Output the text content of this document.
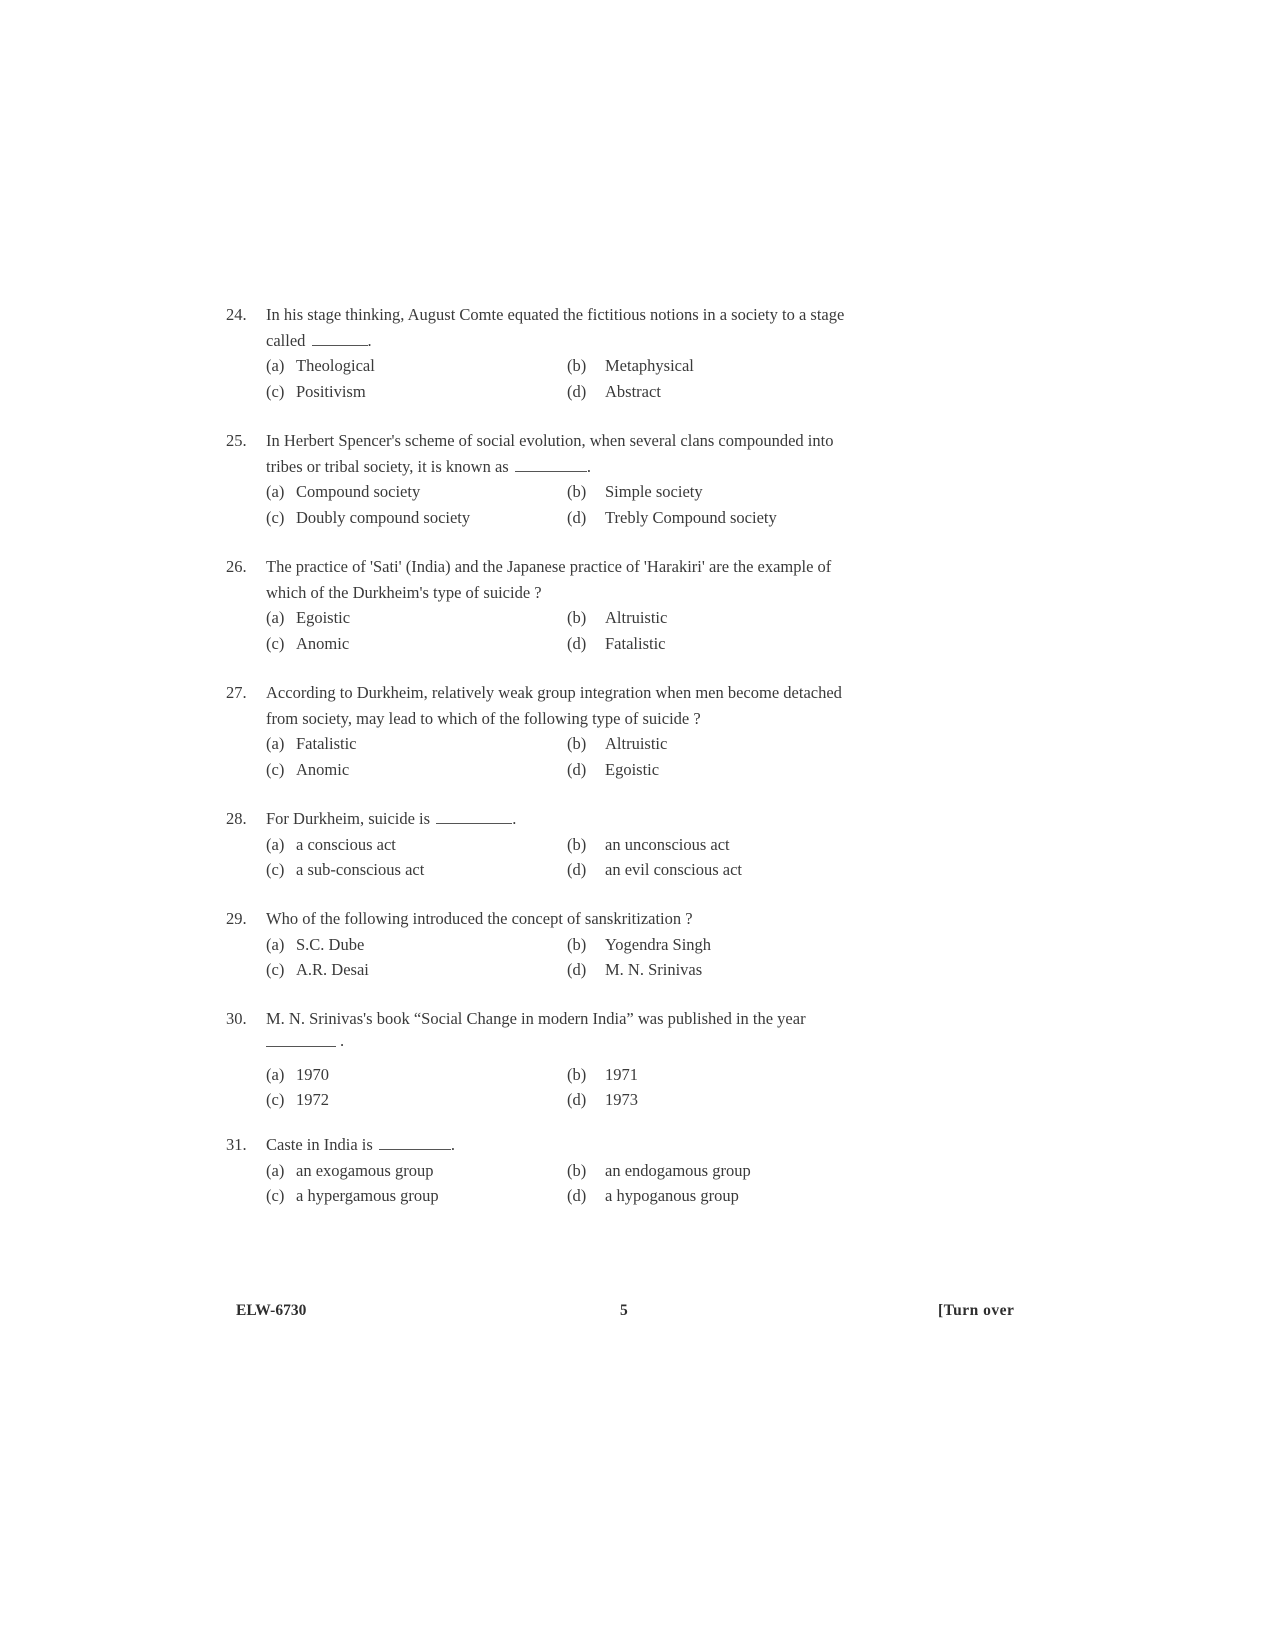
24.	In his stage thinking, August Comte equated the fictitious notions in a society to a stage called	.
(a) Theological	(b)	Metaphysical
(c) Positivism	(d)	Abstract
25.	In Herbert Spencer's scheme of social evolution, when several clans compounded into tribes or tribal society, it is known as	.
(a) Compound society	(b)	Simple society
(c) Doubly compound society	(d)	Trebly Compound society
26.	The practice of 'Sati' (India) and the Japanese practice of 'Harakiri' are the example of which of the Durkheim's type of suicide ?
(a) Egoistic	(b)	Altruistic
(c) Anomic	(d)	Fatalistic
27.	According to Durkheim, relatively weak group integration when men become detached from society, may lead to which of the following type of suicide ?
(a) Fatalistic	(b)	Altruistic
(c) Anomic	(d)	Egoistic
28.	For Durkheim, suicide is	.
(a) a conscious act	(b)	an unconscious act
(c) a sub-conscious act	(d)	an evil conscious act
29.	Who of the following introduced the concept of sanskritization ?
(a) S.C. Dube	(b)	Yogendra Singh
(c) A.R. Desai	(d)	M. N. Srinivas
30.	M. N. Srinivas's book “Social Change in modern India” was published in the year
.
(a) 1970	(b)	1971
(c) 1972	(d)	1973
31.	Caste in India is	.
(a) an exogamous group	(b)	an endogamous group
(c) a hypergamous group	(d)	a hypoganous group
ELW-6730	5	[Turn over
